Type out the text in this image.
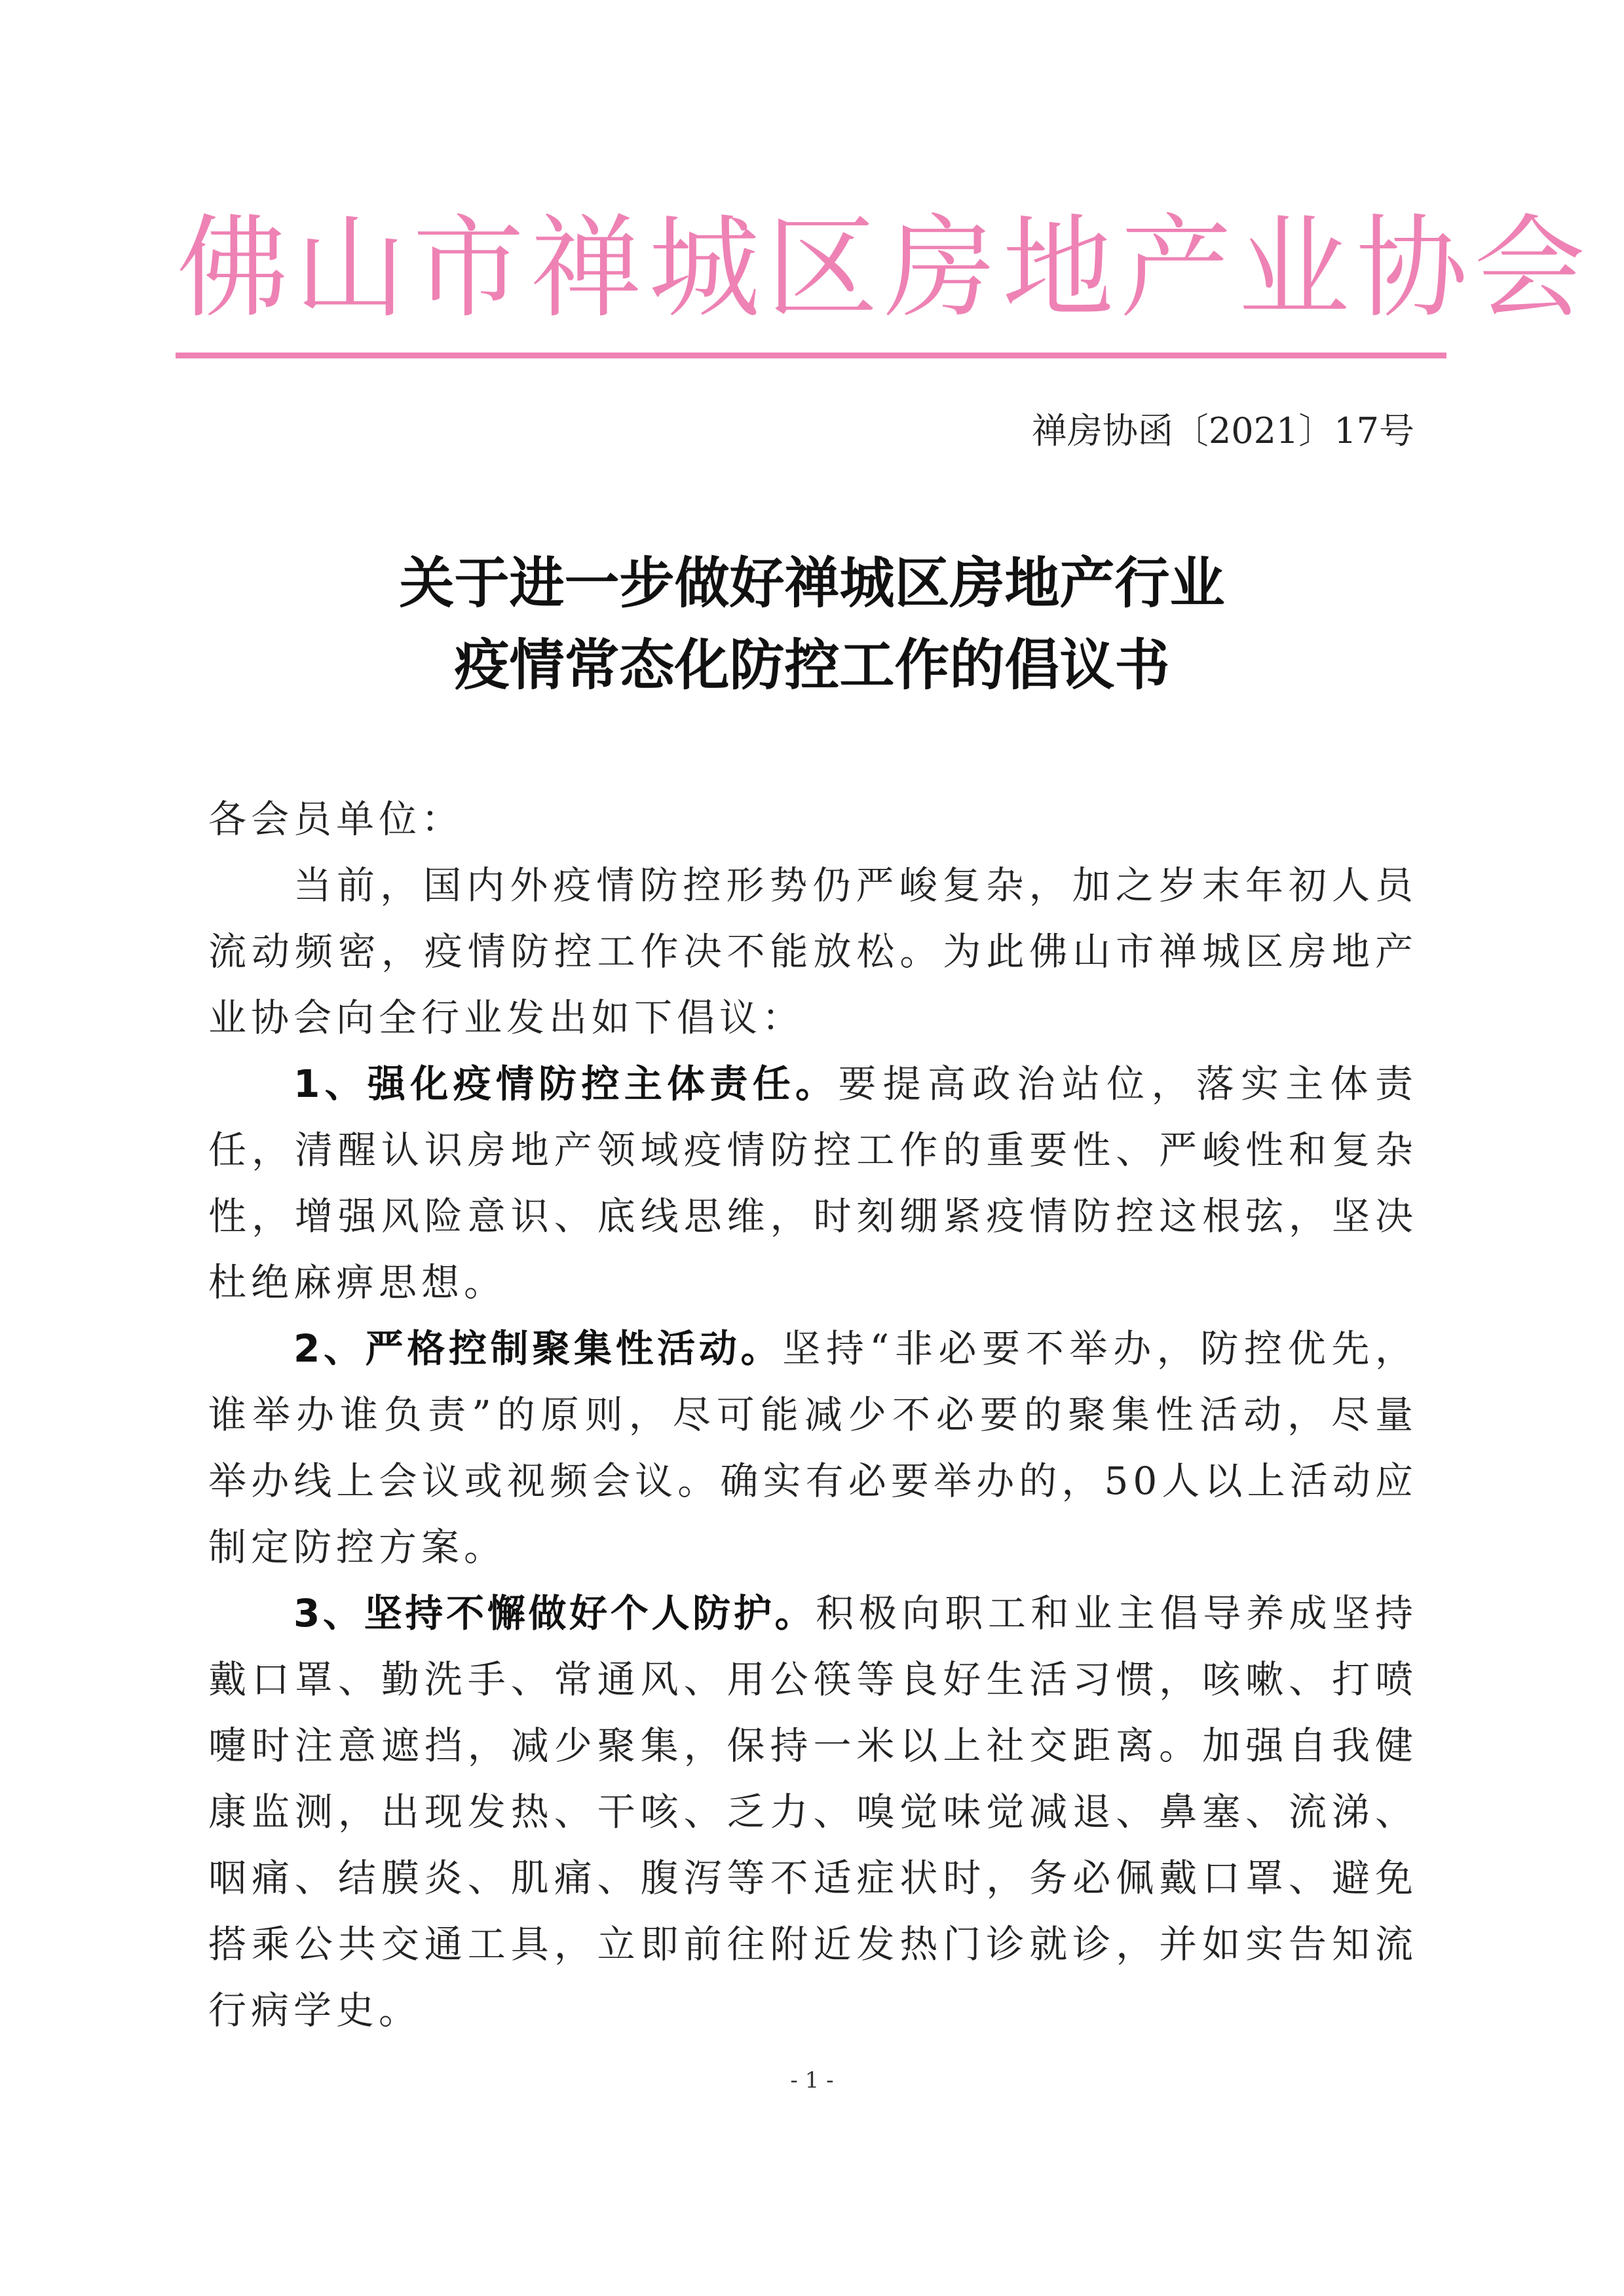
佛山市禅城区房地产业协会
禅房协函〔2021〕17号
关于进一步做好禅城区房地产行业
疫情常态化防控工作的倡议书

各会员单位：

当前，国内外疫情防控形势仍严峻复杂，加之岁末年初人员流动频密，疫情防控工作决不能放松。为此佛山市禅城区房地产业协会向全行业发出如下倡议：

1、强化疫情防控主体责任。要提高政治站位，落实主体责任，清醒认识房地产领域疫情防控工作的重要性、严峻性和复杂性，增强风险意识、底线思维，时刻绷紧疫情防控这根弦，坚决杜绝麻痹思想。

2、严格控制聚集性活动。坚持“非必要不举办，防控优先，谁举办谁负责”的原则，尽可能减少不必要的聚集性活动，尽量举办线上会议或视频会议。确实有必要举办的，50人以上活动应制定防控方案。

3、坚持不懈做好个人防护。积极向职工和业主倡导养成坚持戴口罩、勤洗手、常通风、用公筷等良好生活习惯，咳嗽、打喷嚏时注意遮挡，减少聚集，保持一米以上社交距离。加强自我健康监测，出现发热、干咳、乏力、嗅觉味觉减退、鼻塞、流涕、咽痛、结膜炎、肌痛、腹泻等不适症状时，务必佩戴口罩、避免搭乘公共交通工具，立即前往附近发热门诊就诊，并如实告知流行病学史。

- 1 -
